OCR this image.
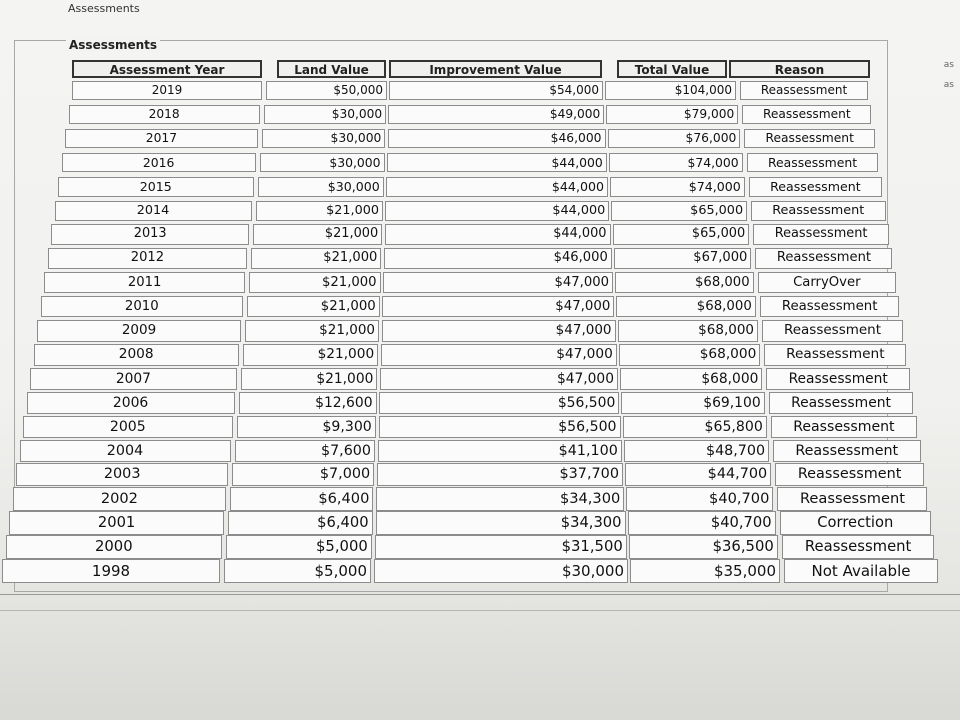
Assessments
as
as
Assessments
Assessment Year	Land Value	Improvement Value	Total Value	Reason
2019	$50,000	$54,000	$104,000	Reassessment
2018	$30,000	$49,000	$79,000	Reassessment
2017	$30,000	$46,000	$76,000	Reassessment
2016	$30,000	$44,000	$74,000	Reassessment
2015	$30,000	$44,000	$74,000	Reassessment
2014	$21,000	$44,000	$65,000	Reassessment
2013	$21,000	$44,000	$65,000	Reassessment
2012	$21,000	$46,000	$67,000	Reassessment
2011	$21,000	$47,000	$68,000	CarryOver
2010	$21,000	$47,000	$68,000	Reassessment
2009	$21,000	$47,000	$68,000	Reassessment
2008	$21,000	$47,000	$68,000	Reassessment
2007	$21,000	$47,000	$68,000	Reassessment
2006	$12,600	$56,500	$69,100	Reassessment
2005	$9,300	$56,500	$65,800	Reassessment
2004	$7,600	$41,100	$48,700	Reassessment
2003	$7,000	$37,700	$44,700	Reassessment
2002	$6,400	$34,300	$40,700	Reassessment
2001	$6,400	$34,300	$40,700	Correction
2000	$5,000	$31,500	$36,500	Reassessment
1998	$5,000	$30,000	$35,000	Not Available
